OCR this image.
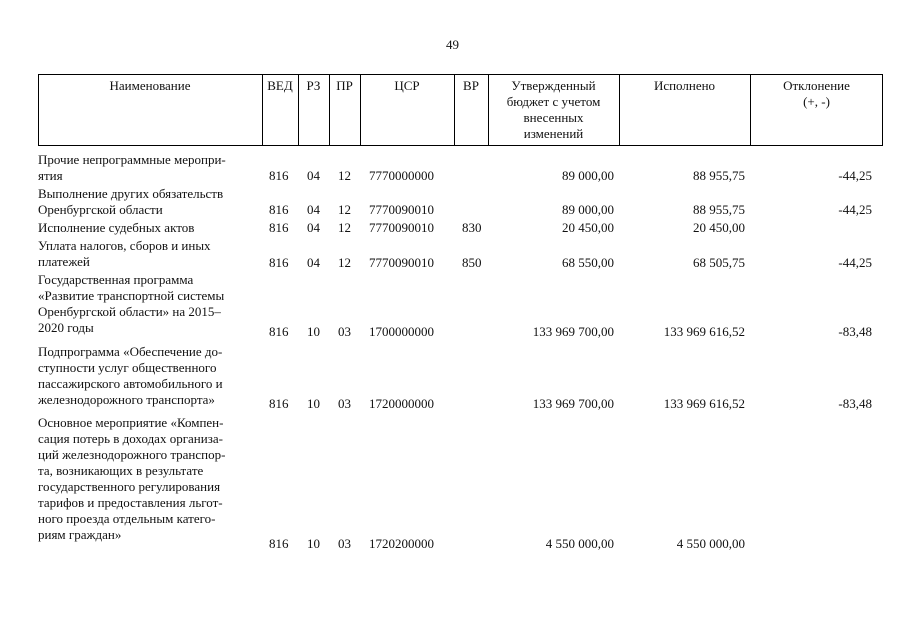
49
Наименование	ВЕД	РЗ	ПР	ЦСР	ВР	Утвержденный
бюджет с учетом
внесенных
изменений
Исполнено	Отклонение
(+, -)
Прочие непрограммные меропри-
ятия	816 04 12 7770000000	89 000,00	88 955,75	-44,25
Выполнение других обязательств
Оренбургской области	816 04 12 7770090010	89 000,00	88 955,75	-44,25
Исполнение судебных актов	816 04 12 7770090010 830	20 450,00	20 450,00
Уплата налогов, сборов и иных
платежей	816 04 12 7770090010 850	68 550,00	68 505,75	-44,25
Государственная программа
«Развитие транспортной системы
Оренбургской области» на 2015–
2020 годы	816 10 03 1700000000	133 969 700,00	133 969 616,52	-83,48
Подпрограмма «Обеспечение до-
ступности услуг общественного
пассажирского автомобильного и
железнодорожного транспорта»	816 10 03 1720000000	133 969 700,00	133 969 616,52	-83,48
Основное мероприятие «Компен-
сация потерь в доходах организа-
ций железнодорожного транспор-
та, возникающих в результате
государственного регулирования
тарифов и предоставления льгот-
ного проезда отдельным катего-
риям граждан»
816 10 03 1720200000	4 550 000,00	4 550 000,00
